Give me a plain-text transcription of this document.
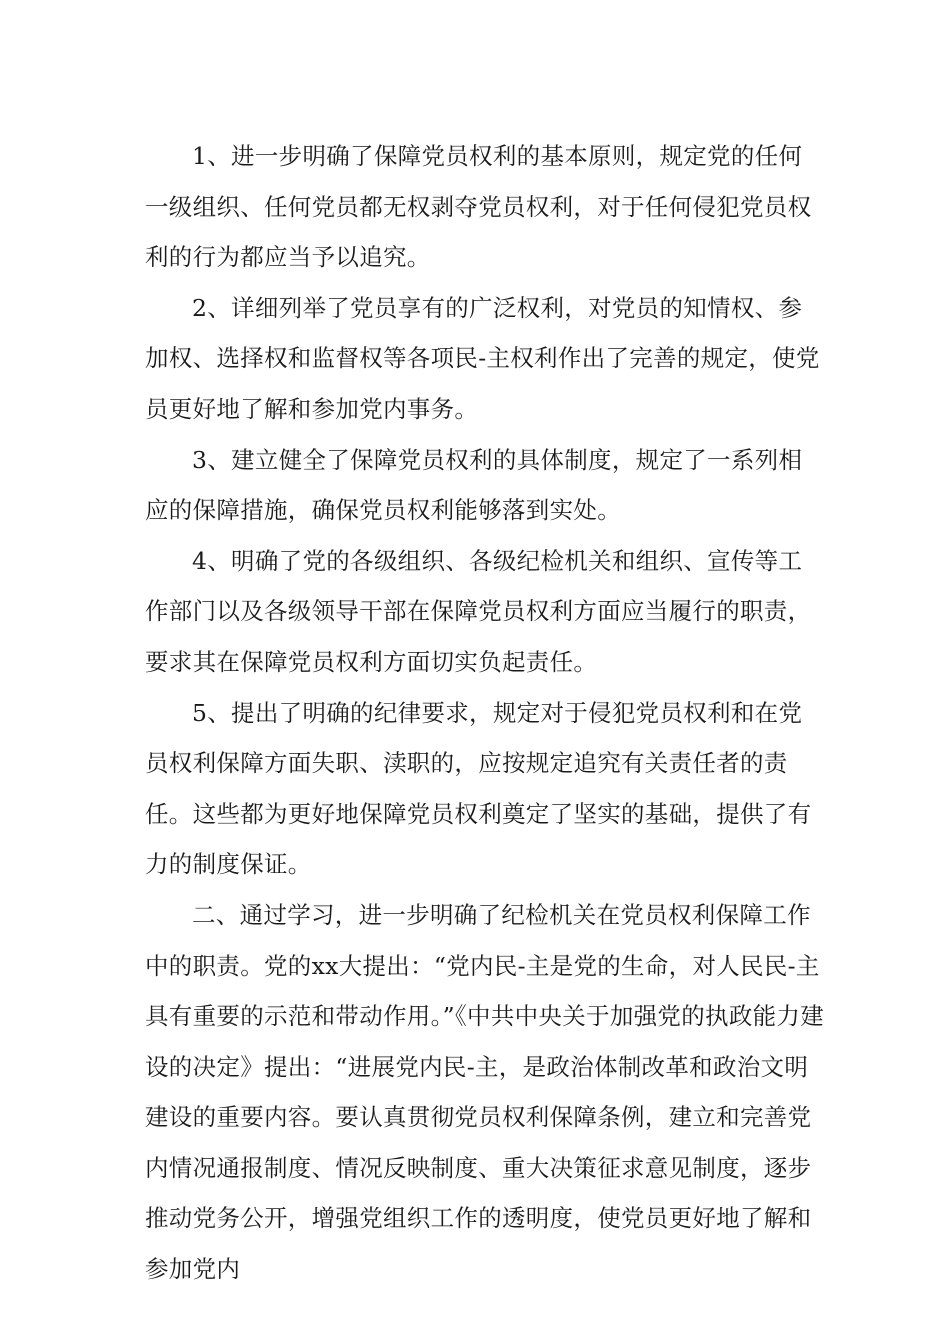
1、进一步明确了保障党员权利的基本原则，规定党的任何一级组织、任何党员都无权剥夺党员权利，对于任何侵犯党员权利的行为都应当予以追究。

2、详细列举了党员享有的广泛权利，对党员的知情权、参加权、选择权和监督权等各项民-主权利作出了完善的规定，使党员更好地了解和参加党内事务。

3、建立健全了保障党员权利的具体制度，规定了一系列相应的保障措施，确保党员权利能够落到实处。

4、明确了党的各级组织、各级纪检机关和组织、宣传等工作部门以及各级领导干部在保障党员权利方面应当履行的职责，要求其在保障党员权利方面切实负起责任。

5、提出了明确的纪律要求，规定对于侵犯党员权利和在党员权利保障方面失职、渎职的，应按规定追究有关责任者的责任。这些都为更好地保障党员权利奠定了坚实的基础，提供了有力的制度保证。

二、通过学习，进一步明确了纪检机关在党员权利保障工作中的职责。党的xx大提出：“党内民-主是党的生命，对人民民-主具有重要的示范和带动作用。”《中共中央关于加强党的执政能力建设的决定》提出：“进展党内民-主，是政治体制改革和政治文明建设的重要内容。要认真贯彻党员权利保障条例，建立和完善党内情况通报制度、情况反映制度、重大决策征求意见制度，逐步推动党务公开，增强党组织工作的透明度，使党员更好地了解和参加党内
